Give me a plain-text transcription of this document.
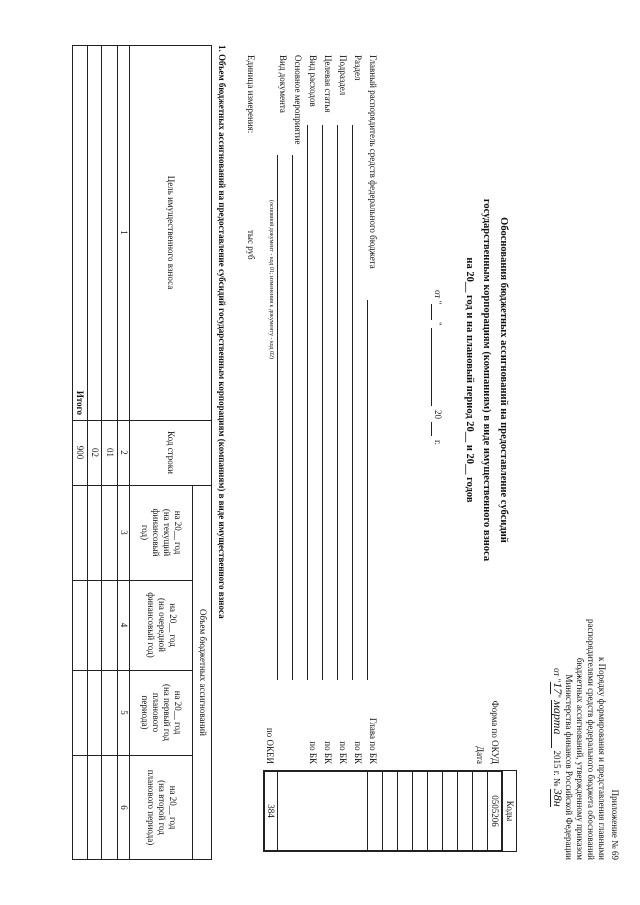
Приложение № 69
к Порядку формирования и представления главными
распорядителями средств федерального бюджета обоснований
бюджетных ассигнований, утвержденному приказом
Министерства финансов Российской Федерации
от "17" марта 2015 г. № 38н
Обоснования бюджетных ассигнований на предоставление субсидий
государственным корпорациям (компаниям) в виде имущественного взноса
на 20__ год и на плановый период 20__ и 20__ годов
Коды
0505206
384
Форма по ОКУД
Дата
по ОКЕИ
от "
"
20
г.
Главный распорядитель средств федерального бюджета
Глава по БК
Раздел
по БК
Подраздел
по БК
Целевая статья
по БК
Вид расходов
по БК
Основное мероприятие
Вид документа
(основной документ - код 01; изменения к документу - код 02)
Единица измерения:
тыс руб
1. Объем бюджетных ассигнований на предоставление субсидий государственным корпорациям (компаниям) в виде имущественного взноса
Цель имущественного взноса
Код строки
Объем бюджетных ассигнований
на 20__ год
(на текущий
финансовый
год)
на 20__ год
(на очередной
финансовый год)
на 20__ год
(на первый год
планового
периода)
на 20__ год
(на второй год
планового периода)
1
2
3
4
5
6
01
02
Итого
900
